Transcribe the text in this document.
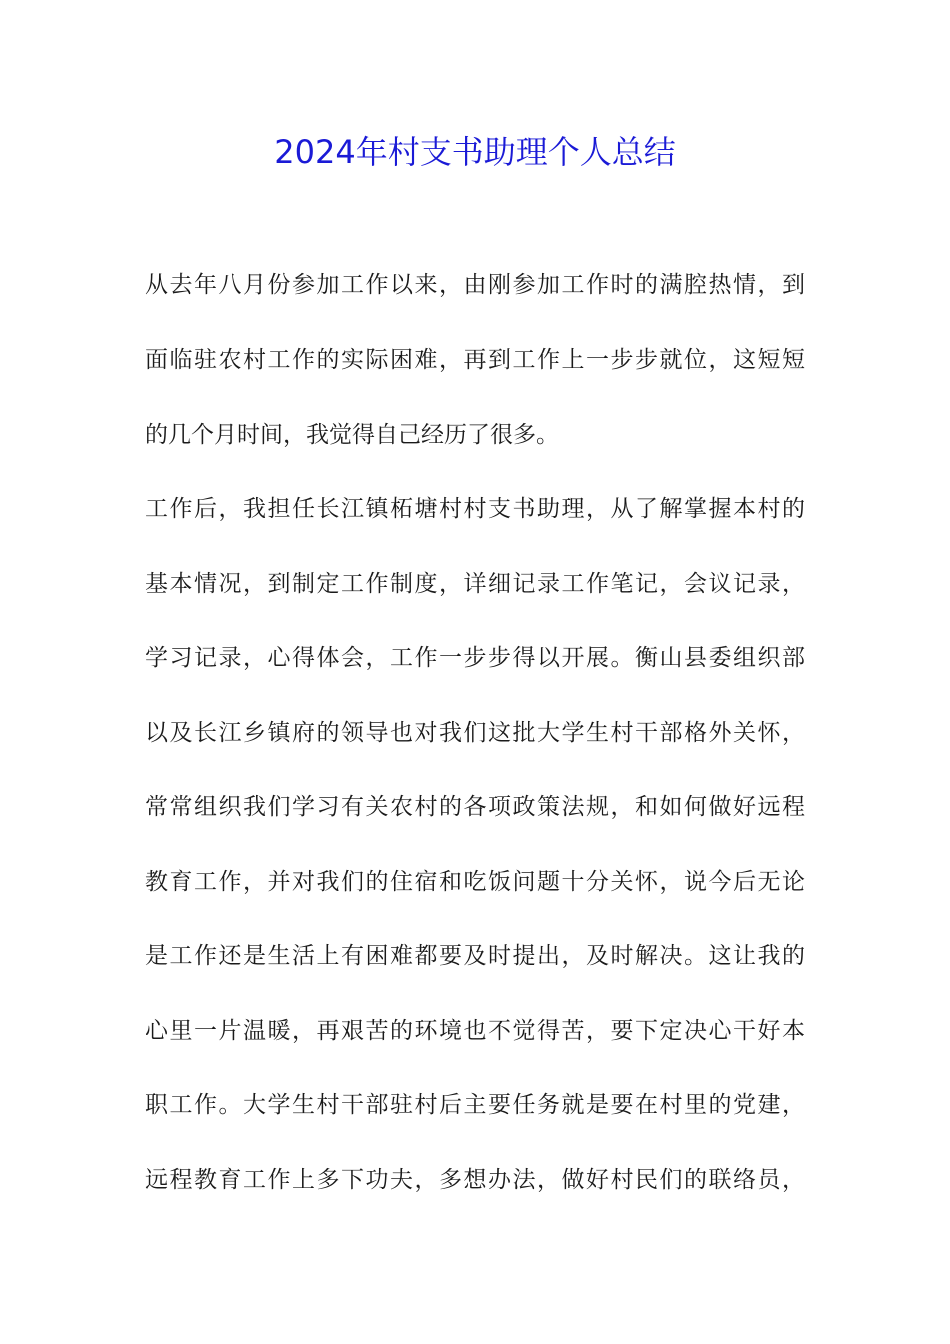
2024年村支书助理个人总结
从去年八月份参加工作以来，由刚参加工作时的满腔热情，到
面临驻农村工作的实际困难，再到工作上一步步就位，这短短
的几个月时间，我觉得自己经历了很多。
工作后，我担任长江镇柘塘村村支书助理，从了解掌握本村的
基本情况，到制定工作制度，详细记录工作笔记，会议记录，
学习记录，心得体会，工作一步步得以开展。衡山县委组织部
以及长江乡镇府的领导也对我们这批大学生村干部格外关怀，
常常组织我们学习有关农村的各项政策法规，和如何做好远程
教育工作，并对我们的住宿和吃饭问题十分关怀，说今后无论
是工作还是生活上有困难都要及时提出，及时解决。这让我的
心里一片温暖，再艰苦的环境也不觉得苦，要下定决心干好本
职工作。大学生村干部驻村后主要任务就是要在村里的党建，
远程教育工作上多下功夫，多想办法，做好村民们的联络员，
